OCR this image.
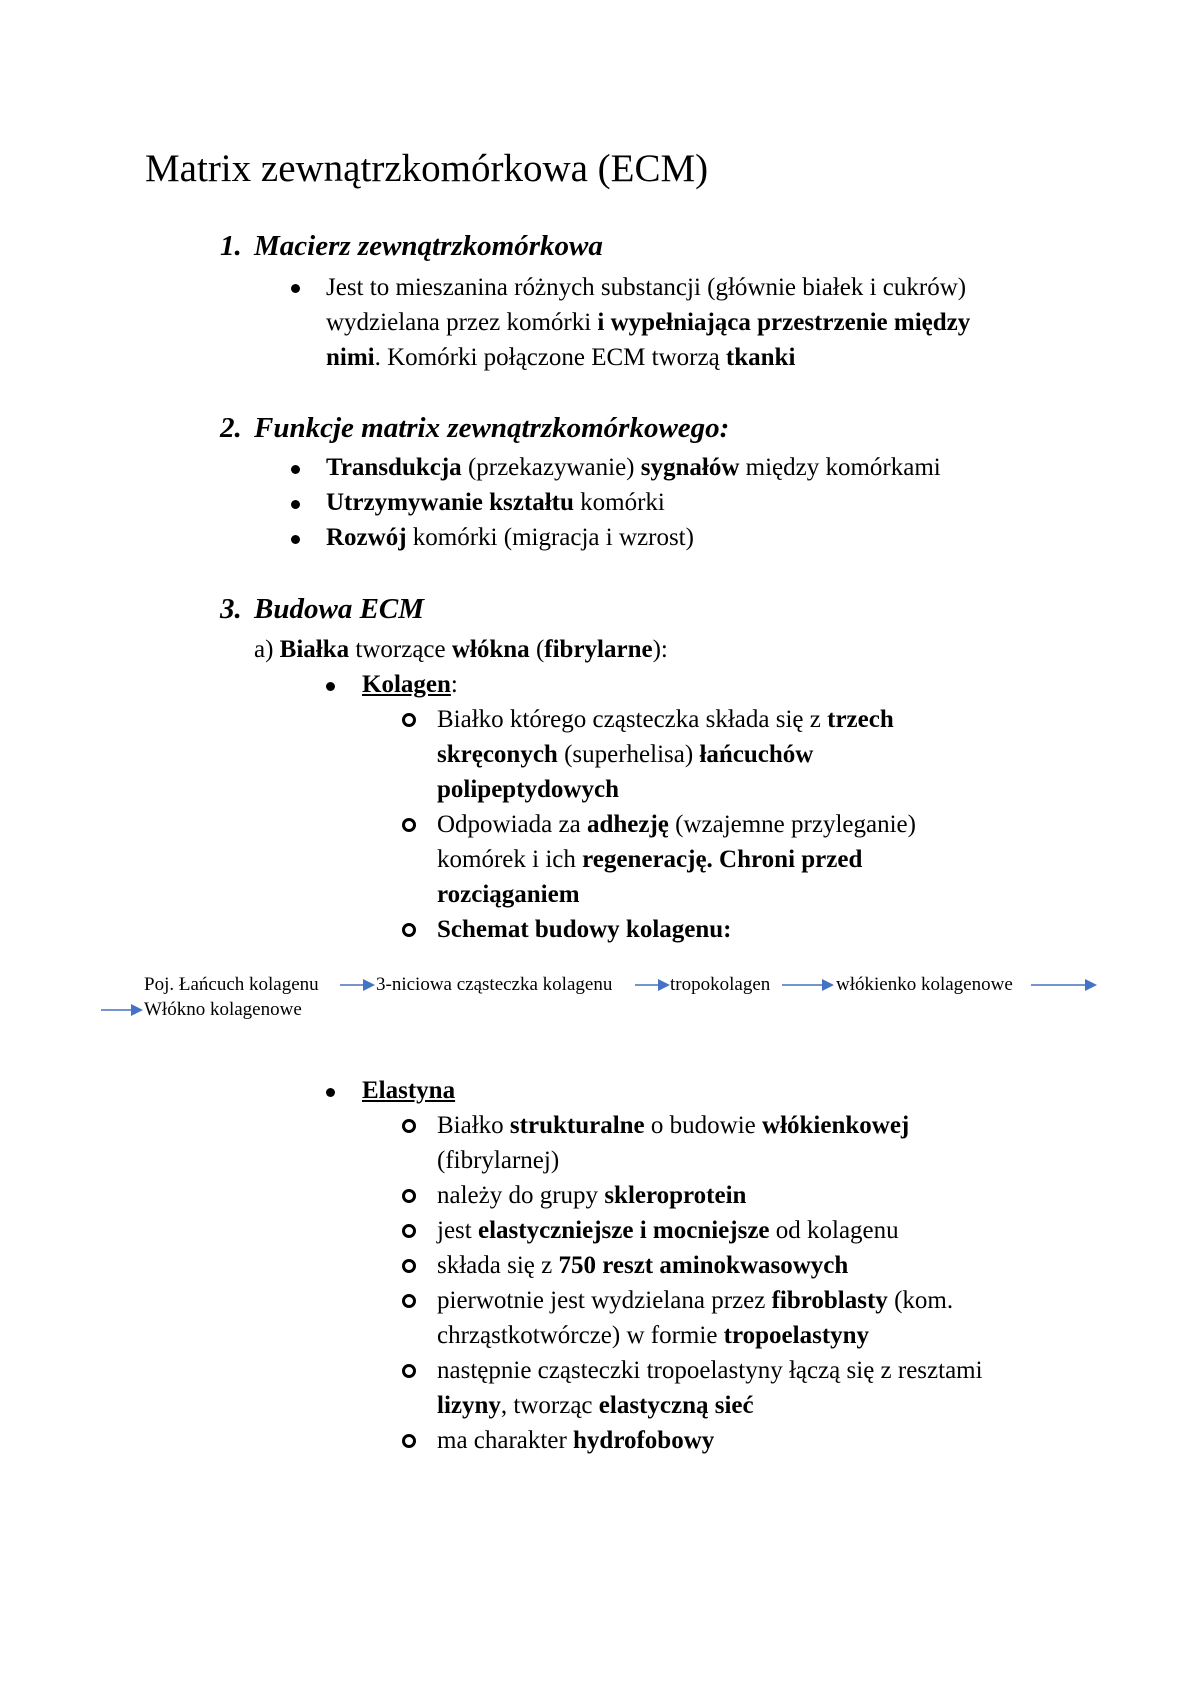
Matrix zewnątrzkomórkowa (ECM)
1. Macierz zewnątrzkomórkowa

Jest to mieszanina różnych substancji (głównie białek i cukrów)

wydzielana przez komórki i wypełniająca przestrzenie między

nimi. Komórki połączone ECM tworzą tkanki

2. Funkcje matrix zewnątrzkomórkowego:

Transdukcja (przekazywanie) sygnałów między komórkami

Utrzymywanie kształtu komórki

Rozwój komórki (migracja i wzrost)

3. Budowa ECM

a) Białka tworzące włókna (fibrylarne):

Kolagen:

Białko którego cząsteczka składa się z trzech

skręconych (superhelisa) łańcuchów

polipeptydowych

Odpowiada za adhezję (wzajemne przyleganie)

komórek i ich regenerację. Chroni przed

rozciąganiem

Schemat budowy kolagenu:

Poj. Łańcuch kolagenu	3-niciowa cząsteczka kolagenu	tropokolagen	włókienko kolagenowe
Włókno kolagenowe

Elastyna

Białko strukturalne o budowie włókienkowej

(fibrylarnej)

należy do grupy skleroprotein

jest elastyczniejsze i mocniejsze od kolagenu

składa się z 750 reszt aminokwasowych

pierwotnie jest wydzielana przez fibroblasty (kom.

chrząstkotwórcze) w formie tropoelastyny

następnie cząsteczki tropoelastyny łączą się z resztami

lizyny, tworząc elastyczną sieć

ma charakter hydrofobowy
